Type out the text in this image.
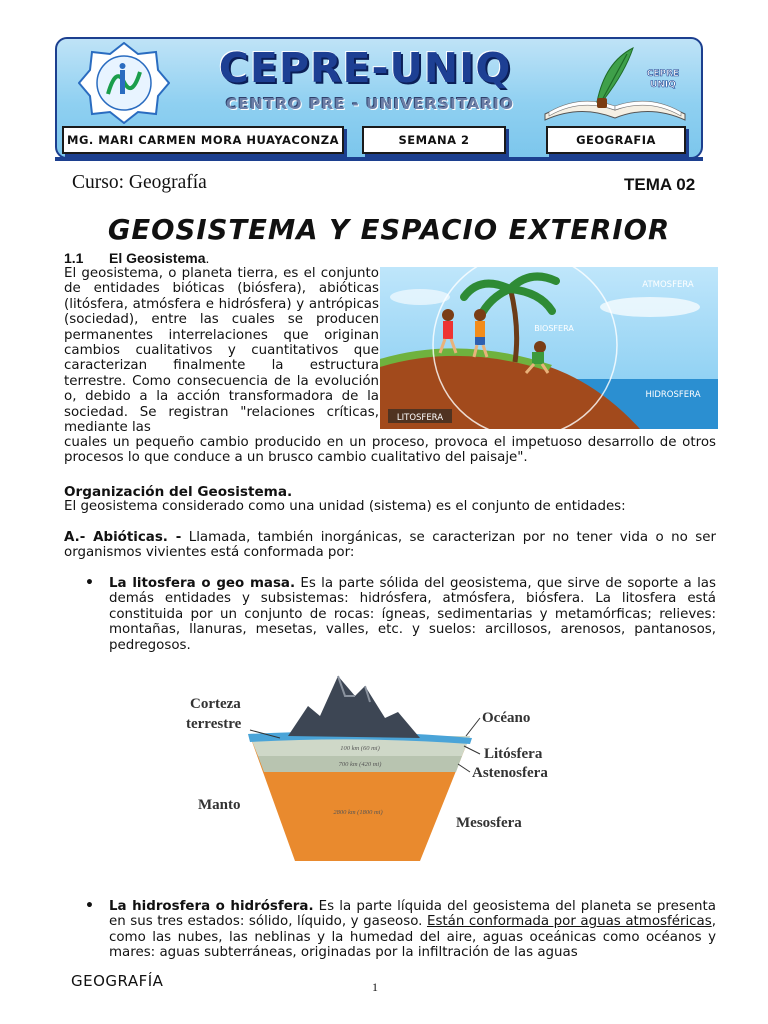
CEPRE-UNIQ
CENTRO PRE - UNIVERSITARIO
CEPRE
UNIQ
MG. MARI CARMEN MORA HUAYACONZA	SEMANA 2	GEOGRAFIA
Curso: Geografía	TEMA 02
GEOSISTEMA Y ESPACIO EXTERIOR
1.1 El Geosistema.
El geosistema, o planeta tierra, es el conjunto de entidades bióticas (biósfera), abióticas (litósfera, atmósfera e hidrósfera) y antrópicas (sociedad), entre las cuales se producen permanentes interrelaciones que originan cambios cualitativos y cuantitativos que caracterizan finalmente la estructura terrestre. Como consecuencia de la evolución o, debido a la acción transformadora de la sociedad. Se registran "relaciones críticas, mediante las
ATMOSFERA
BIOSFERA
HIDROSFERA
LITOSFERA
cuales un pequeño cambio producido en un proceso, provoca el impetuoso desarrollo de otros procesos lo que conduce a un brusco cambio cualitativo del paisaje".
Organización del Geosistema.
El geosistema considerado como una unidad (sistema) es el conjunto de entidades:
A.- Abióticas. - Llamada, también inorgánicas, se caracterizan por no tener vida o no ser organismos vivientes está conformada por:
• La litosfera o geo masa. Es la parte sólida del geosistema, que sirve de soporte a las demás entidades y subsistemas: hidrósfera, atmósfera, biósfera. La litosfera está constituida por un conjunto de rocas: ígneas, sedimentarias y metamórficas; relieves: montañas, llanuras, mesetas, valles, etc. y suelos: arcillosos, arenosos, pantanosos, pedregosos.
Corteza
terrestre
Manto
Océano
Litósfera
Astenosfera
Mesosfera
100 km (60 mi)
700 km (420 mi)
2800 km (1800 mi)
• La hidrosfera o hidrósfera. Es la parte líquida del geosistema del planeta se presenta en sus tres estados: sólido, líquido, y gaseoso. Están conformada por aguas atmosféricas, como las nubes, las neblinas y la humedad del aire, aguas oceánicas como océanos y mares: aguas subterráneas, originadas por la infiltración de las aguas
GEOGRAFÍA	1
